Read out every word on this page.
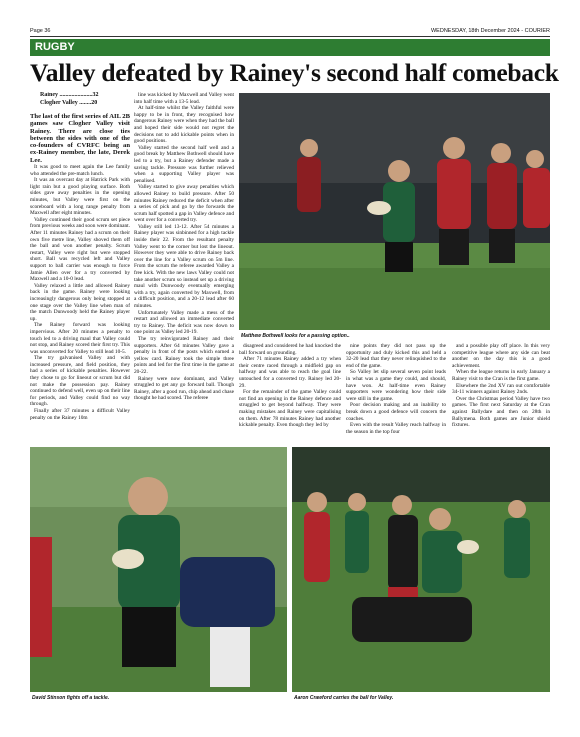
Page 36	WEDNESDAY, 18th December 2024 - COURIER
RUGBY
Valley defeated by Rainey's second half comeback

Rainey ......................32

Clogher Valley ........20

The last of the first series of AIL 2B games saw Clogher Valley visit Rainey. There are close ties between the sides with one of the co-founders of CVRFC being an ex-Rainey member, the late, Derek Lee.

It was good to meet again the Lee family who attended the pre-match lunch.

It was an overcast day at Hatrick Park with light rain but a good playing surface. Both sides gave away penalties in the opening minutes, but Valley were first on the scoreboard with a long range penalty from Maxwell after eight minutes.

Valley continued their good scrum set piece from previous weeks and soon were dominant. After 11 minutes Rainey had a scrum on their own five metre line, Valley shoved them off the ball and won another penalty. Scrum restart, Valley were right but were stopped short. Ball was recycled left and Valley support to ball carrier was enough to force Jamie Allen over for a try converted by Maxwell and a 10-0 lead.

Valley relaxed a little and allowed Rainey back in the game. Rainey were looking increasingly dangerous only being stopped at one stage over the Valley line when man of the match Dunwoody held the Rainey player up.

The Rainey forward was looking impervious. After 20 minutes a penalty to touch led to a driving maul that Valley could not stop, and Rainey scored their first try. This was unconverted for Valley to still lead 10-5.

The try galvanised Valley and with increased pressure, and field position, they had a series of kickable penalties. However they chose to go for lineout or scrum but did not make the possession pay. Rainey continued to defend well, even up on their line for periods, and Valley could find no way through.

Finally after 37 minutes a difficult Valley penalty on the Rainey 10m

line was kicked by Maxwell and Valley went into half time with a 13-5 lead.

At half-time whilst the Valley faithful were happy to be in front, they recognised how dangerous Rainey were when they had the ball and hoped their side would not regret the decisions not to add kickable points when in good positions.

Valley started the second half well and a good break by Matthew Bothwell should have led to a try, but a Rainey defender made a saving tackle. Pressure was further relieved when a supporting Valley player was penalised.

Valley started to give away penalties which allowed Rainey to build pressure. After 50 minutes Rainey reduced the deficit when after a series of pick and go by the forwards the scrum half spotted a gap in Valley defence and went over for a converted try.

Valley still led 13-12. After 54 minutes a Rainey player was sinbinned for a high tackle inside their 22. From the resultant penalty Valley went to the corner but lost the lineout. However they were able to drive Rainey back over the line for a Valley scrum on 5m line. From the scrum the referee awarded Valley a free kick. With the new laws Valley could not take another scrum so instead set up a driving maul with Dunwoody eventually emerging with a try, again converted by Maxwell, from a difficult position, and a 20-12 lead after 60 minutes.

Unfortunately Valley made a mess of the restart and allowed an immediate converted try to Rainey. The deficit was now down to one point as Valley led 20-19.

The try reinvigorated Rainey and their supporters. After 64 minutes Valley gave a penalty in front of the posts which earned a yellow card. Rainey took the simple three points and led for the first time in the game at 20-22.

Rainey were now dominant, and Valley struggled to get any go forward ball. Though Rainey, after a good run, chip ahead and chase thought he had scored. The referee

Matthew Bothwell looks for a passing option..

disagreed and considered he had knocked the ball forward on grounding.

After 71 minutes Rainey added a try when their centre raced through a midfield gap on halfway and was able to reach the goal line untouched for a converted try. Rainey led 20-29.

For the remainder of the game Valley could not find an opening in the Rainey defence and struggled to get beyond halfway. They were making mistakes and Rainey were capitalising on them. After 78 minutes Rainey had another kickable penalty. Even though they led by

nine points they did not pass up the opportunity and duly kicked this and held a 32-20 lead that they never relinquished to the end of the game.

So Valley let slip several seven point leads in what was a game they could, and should, have won. At half-time even Rainey supporters were wondering how their side were still in the game.

Poor decision making and an inability to break down a good defence will concern the coaches.

Even with the result Valley reach halfway in the season in the top four

and a possible play off place. In this very competitive league where any side can beat another on the day this is a good achievement.

When the league returns in early January a Rainey visit to the Cran is the first game.

Elsewhere the 2nd XV ran out comfortable 34-11 winners against Rainey 2nds.

Over the Christmas period Valley have two games. The first next Saturday at the Cran against Ballydare and then on 28th in Ballymena. Both games are Junior shield fixtures.

David Stinson fights off a tackle.	Aaron Crawford carries the ball for Valley.
